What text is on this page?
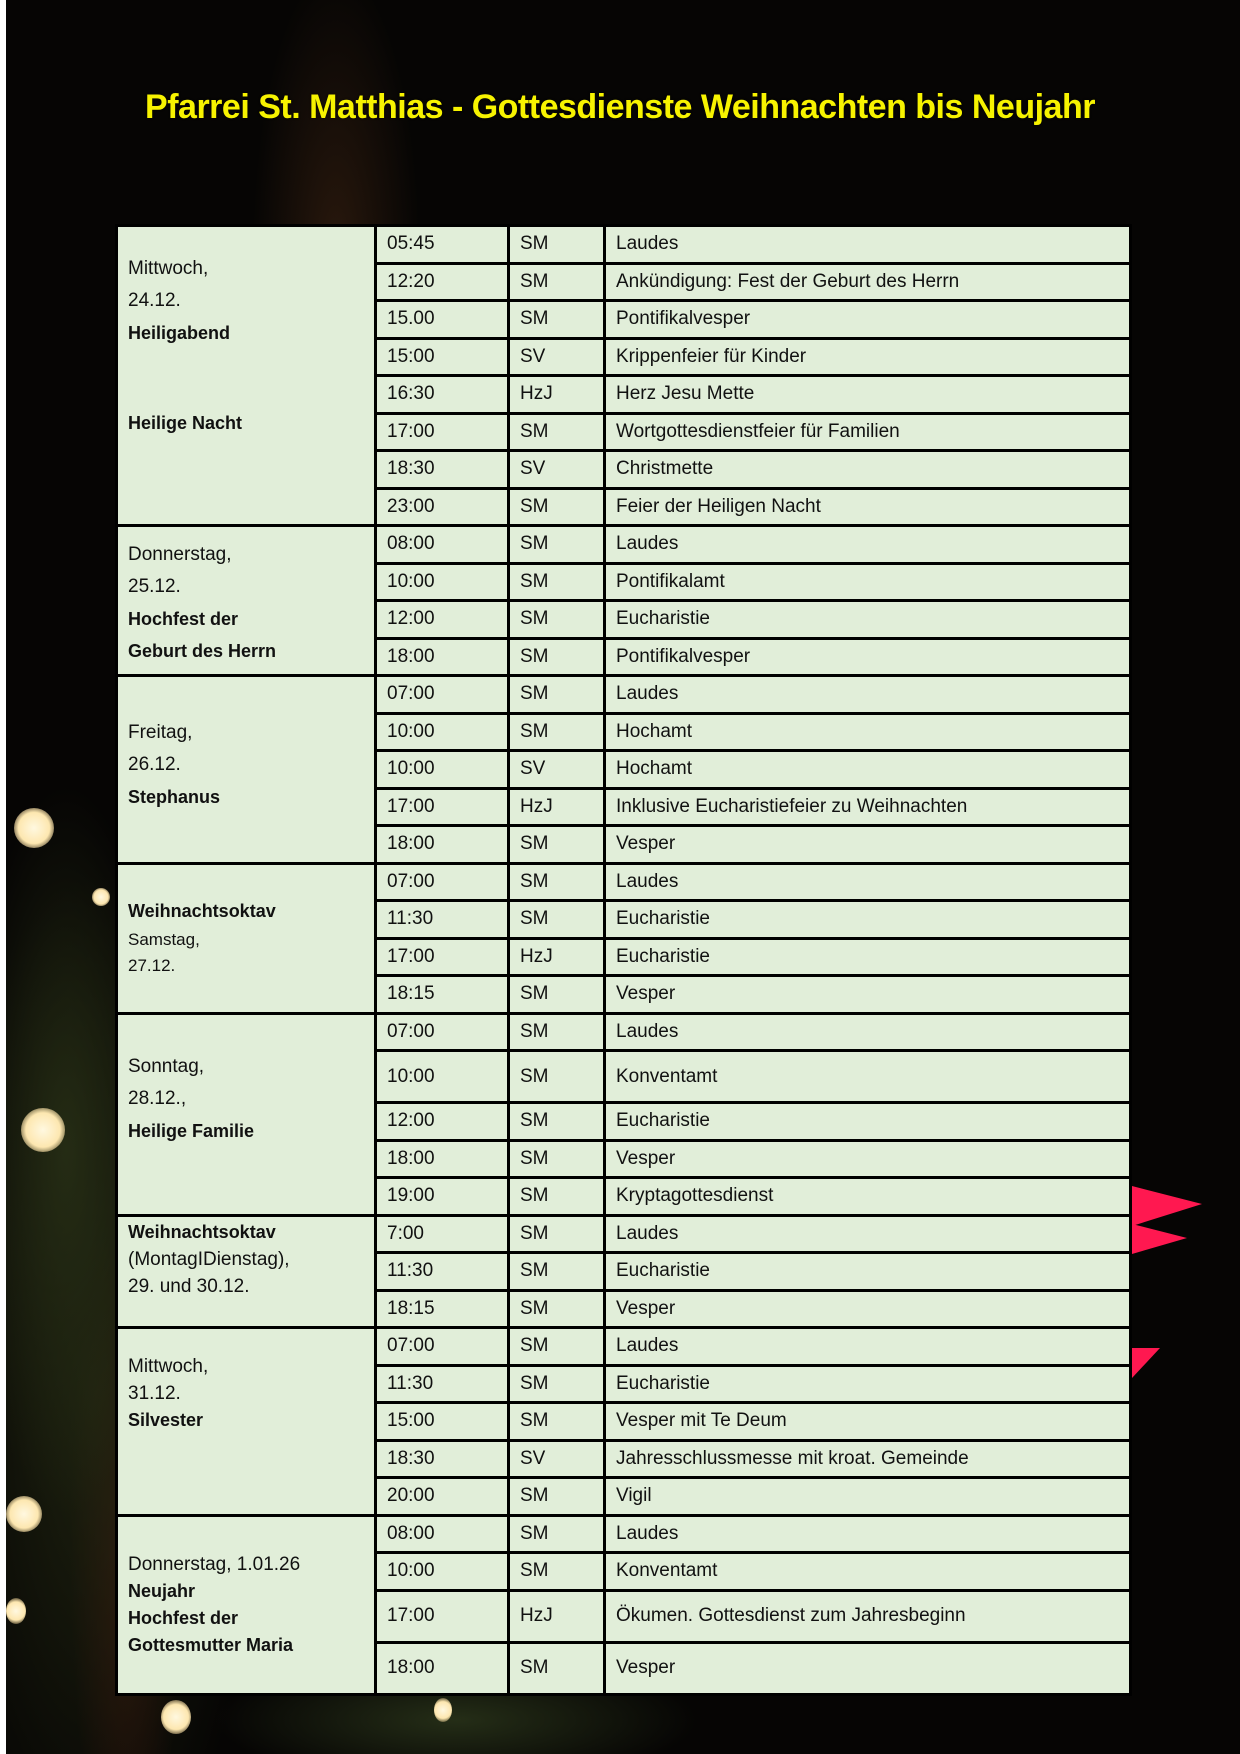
Pfarrei St. Matthias - Gottesdienste Weihnachten bis Neujahr
Mittwoch,
24.12.
Heiligabend
Heilige Nacht	05:45	SM	Laudes
	12:20	SM	Ankündigung: Fest der Geburt des Herrn
	15.00	SM	Pontifikalvesper
	15:00	SV	Krippenfeier für Kinder
	16:30	HzJ	Herz Jesu Mette
	17:00	SM	Wortgottesdienstfeier für Familien
	18:30	SV	Christmette
	23:00	SM	Feier der Heiligen Nacht

Donnerstag,
25.12.
Hochfest der
Geburt des Herrn	08:00	SM	Laudes
	10:00	SM	Pontifikalamt
	12:00	SM	Eucharistie
	18:00	SM	Pontifikalvesper

Freitag,
26.12.
Stephanus	07:00	SM	Laudes
	10:00	SM	Hochamt
	10:00	SV	Hochamt
	17:00	HzJ	Inklusive Eucharistiefeier zu Weihnachten
	18:00	SM	Vesper

Weihnachtsoktav
Samstag,
27.12.	07:00	SM	Laudes
	11:30	SM	Eucharistie
	17:00	HzJ	Eucharistie
	18:15	SM	Vesper

Sonntag,
28.12.,
Heilige Familie	07:00	SM	Laudes
	10:00	SM	Konventamt
	12:00	SM	Eucharistie
	18:00	SM	Vesper
	19:00	SM	Kryptagottesdienst

Weihnachtsoktav
(MontagIDienstag),
29. und 30.12.	7:00	SM	Laudes
	11:30	SM	Eucharistie
	18:15	SM	Vesper

Mittwoch,
31.12.
Silvester	07:00	SM	Laudes
	11:30	SM	Eucharistie
	15:00	SM	Vesper mit Te Deum
	18:30	SV	Jahresschlussmesse mit kroat. Gemeinde
	20:00	SM	Vigil

Donnerstag, 1.01.26
Neujahr
Hochfest der
Gottesmutter Maria	08:00	SM	Laudes
	10:00	SM	Konventamt
	17:00	HzJ	Ökumen. Gottesdienst zum Jahresbeginn
	18:00	SM	Vesper
